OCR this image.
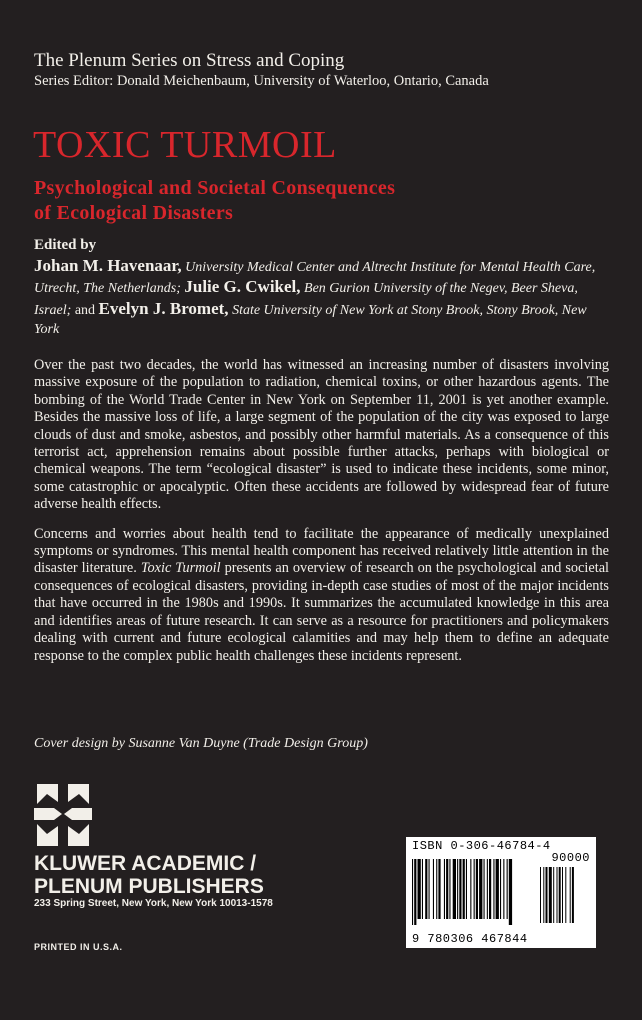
The Plenum Series on Stress and Coping

Series Editor: Donald Meichenbaum, University of Waterloo, Ontario, Canada

TOXIC TURMOIL
Psychological and Societal Consequences
of Ecological Disasters
Edited by
Johan M. Havenaar, University Medical Center and Altrecht Institute for Mental Health Care, Utrecht, The Netherlands; Julie G. Cwikel, Ben Gurion University of the Negev, Beer Sheva, Israel; and Evelyn J. Bromet, State University of New York at Stony Brook, Stony Brook, New York

Over the past two decades, the world has witnessed an increasing number of disasters involving massive exposure of the population to radiation, chemical toxins, or other hazardous agents. The bombing of the World Trade Center in New York on September 11, 2001 is yet another example. Besides the massive loss of life, a large segment of the population of the city was exposed to large clouds of dust and smoke, asbestos, and possibly other harmful materials. As a consequence of this terrorist act, apprehension remains about possible further attacks, perhaps with biological or chemical weapons. The term “ecological disaster” is used to indicate these incidents, some minor, some catastrophic or apocalyptic. Often these accidents are followed by widespread fear of future adverse health effects.

Concerns and worries about health tend to facilitate the appearance of medically unexplained symptoms or syndromes. This mental health component has received relatively little attention in the disaster literature. Toxic Turmoil presents an overview of research on the psychological and societal consequences of ecological disasters, providing in-depth case studies of most of the major incidents that have occurred in the 1980s and 1990s. It summarizes the accumulated knowledge in this area and identifies areas of future research. It can serve as a resource for practitioners and policymakers dealing with current and future ecological calamities and may help them to define an adequate response to the complex public health challenges these incidents represent.

Cover design by Susanne Van Duyne (Trade Design Group)

KLUWER ACADEMIC /
PLENUM PUBLISHERS
233 Spring Street, New York, New York 10013-1578
PRINTED IN U.S.A.
ISBN 0-306-46784-4
90000
9 780306 467844
